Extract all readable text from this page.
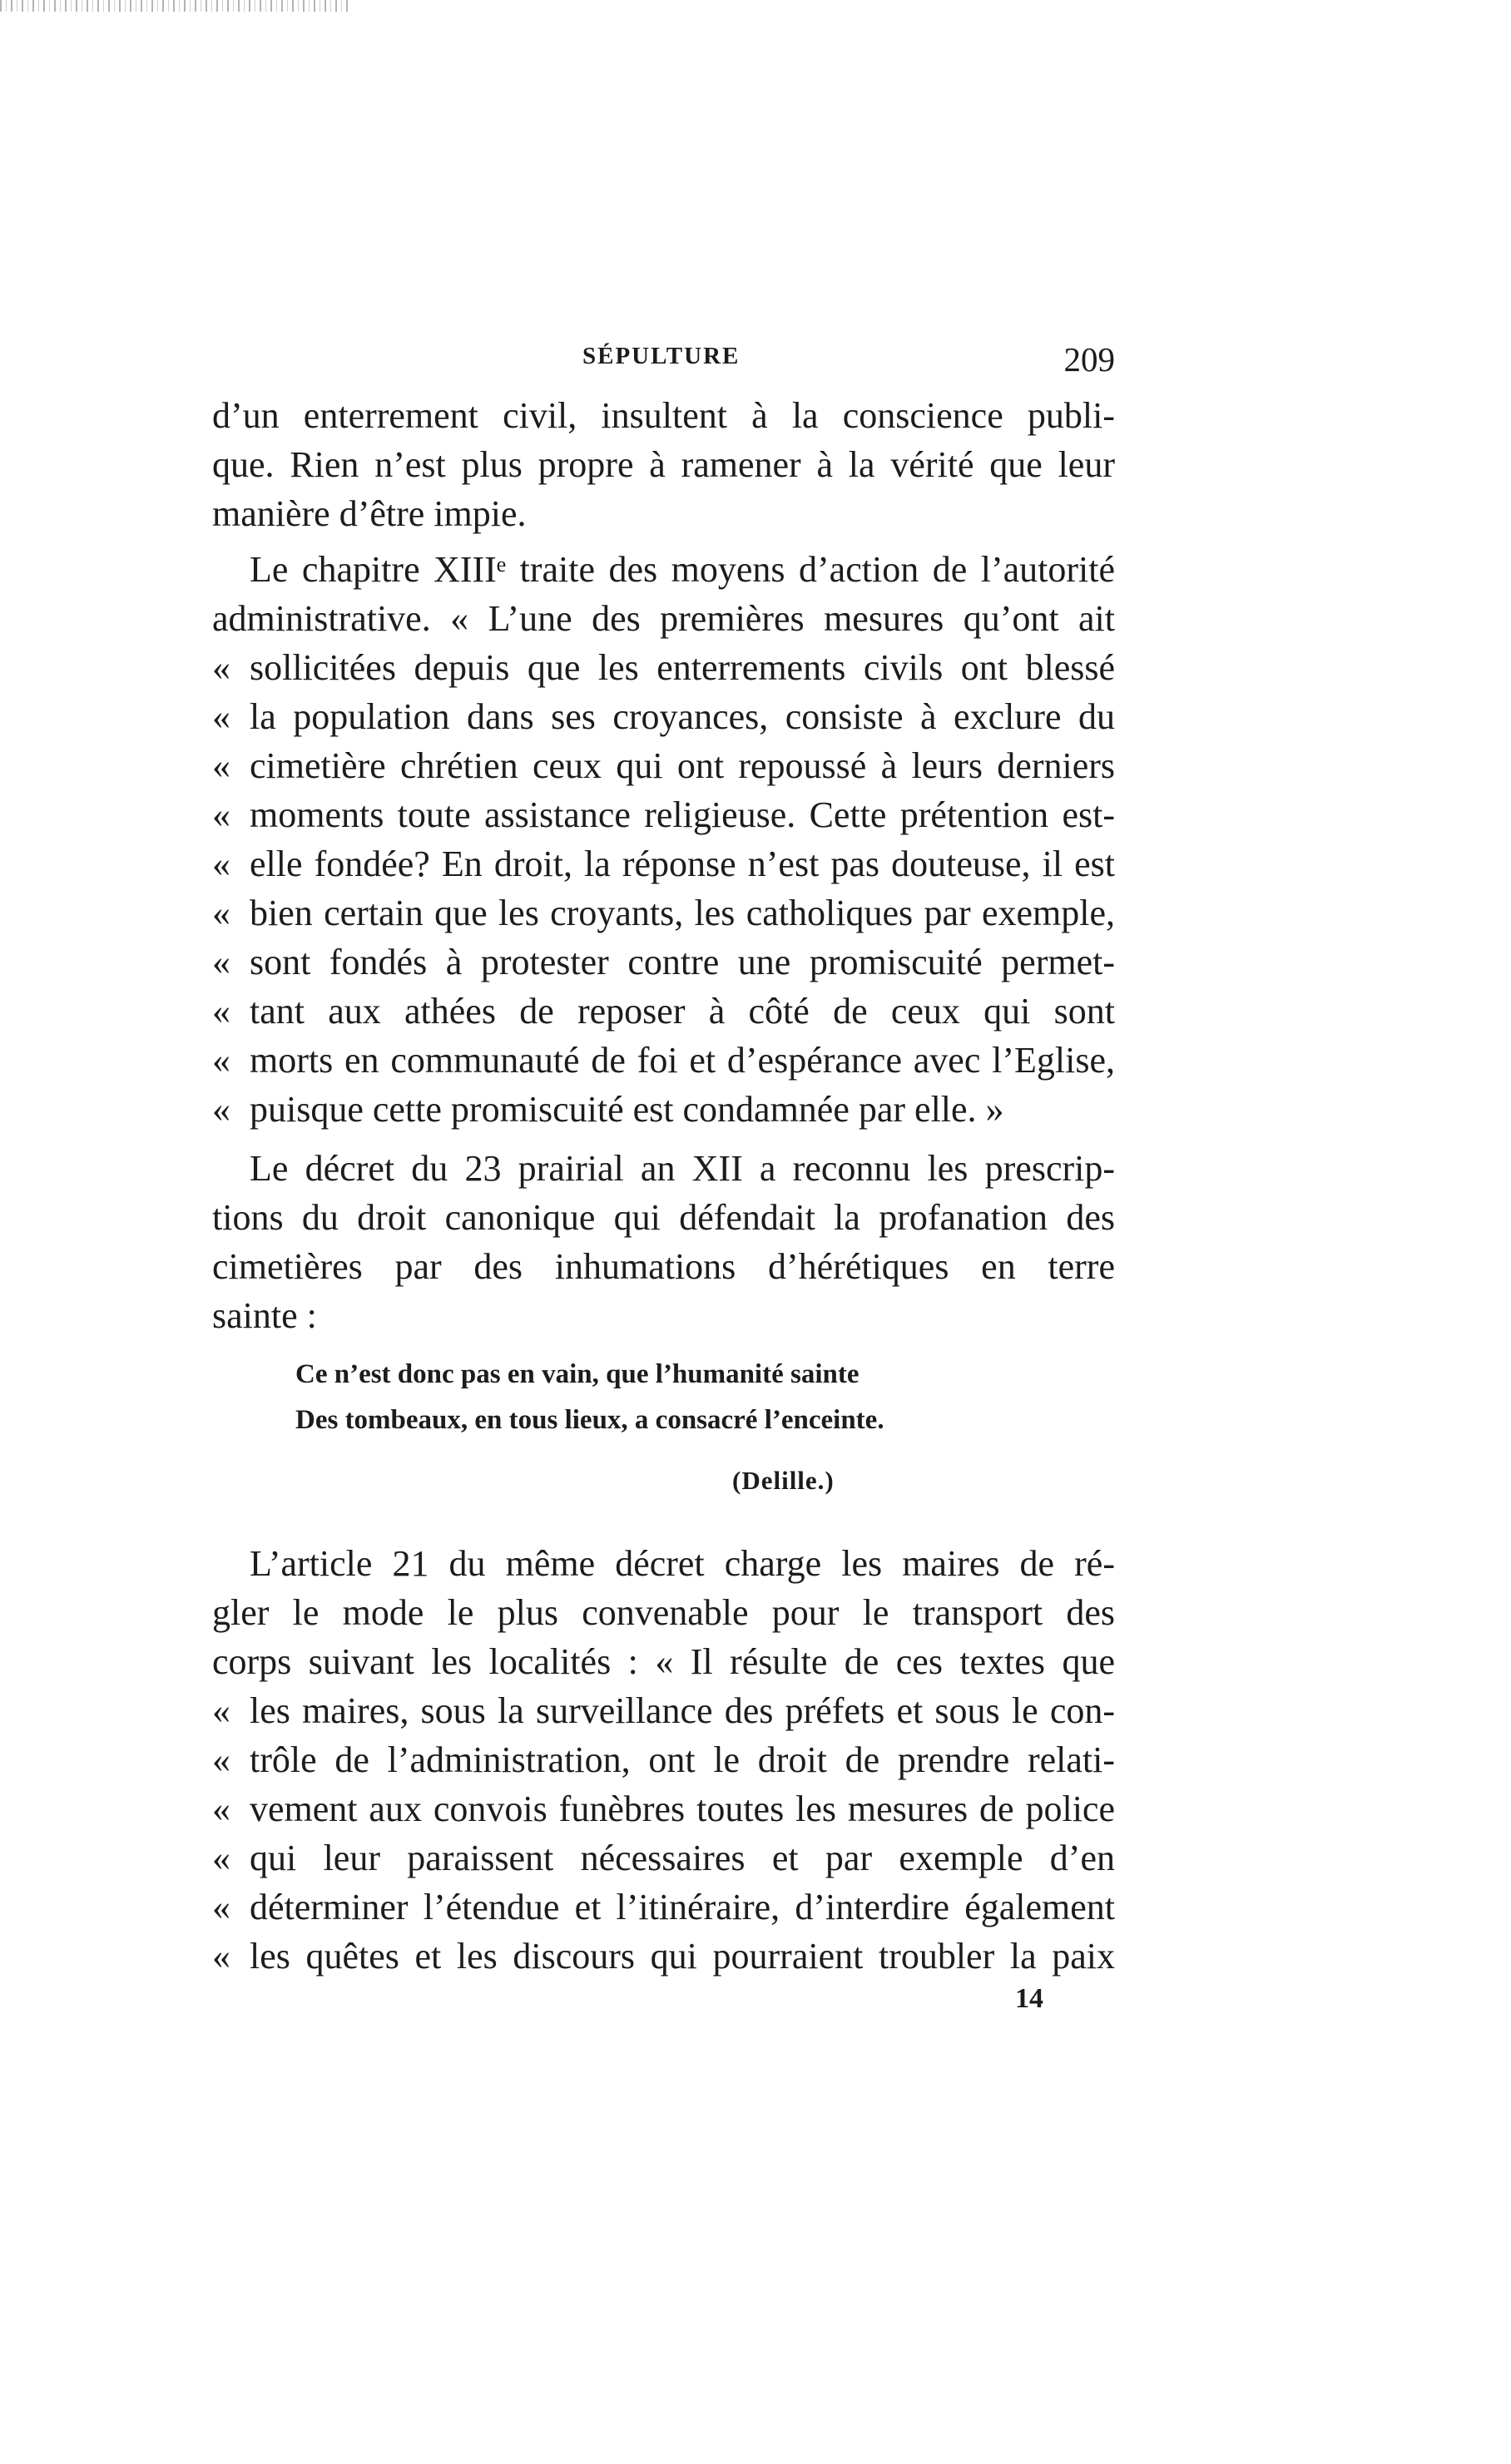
SÉPULTURE	209
d’un enterrement civil, insultent à la conscience publi-
que. Rien n’est plus propre à ramener à la vérité que leur
manière d’être impie.
Le chapitre XIIIᵉ traite des moyens d’action de l’autorité
administrative. « L’une des premières mesures qu’ont ait
« sollicitées depuis que les enterrements civils ont blessé
« la population dans ses croyances, consiste à exclure du
« cimetière chrétien ceux qui ont repoussé à leurs derniers
« moments toute assistance religieuse. Cette prétention est-
« elle fondée? En droit, la réponse n’est pas douteuse, il est
« bien certain que les croyants, les catholiques par exemple,
« sont fondés à protester contre une promiscuité permet-
« tant aux athées de reposer à côté de ceux qui sont
« morts en communauté de foi et d’espérance avec l’Eglise,
« puisque cette promiscuité est condamnée par elle. »
Le décret du 23 prairial an XII a reconnu les prescrip-
tions du droit canonique qui défendait la profanation des
cimetières par des inhumations d’hérétiques en terre
sainte :
Ce n’est donc pas en vain, que l’humanité sainte
Des tombeaux, en tous lieux, a consacré l’enceinte.
(Delille.)
L’article 21 du même décret charge les maires de ré-
gler le mode le plus convenable pour le transport des
corps suivant les localités : « Il résulte de ces textes que
« les maires, sous la surveillance des préfets et sous le con-
« trôle de l’administration, ont le droit de prendre relati-
« vement aux convois funèbres toutes les mesures de police
« qui leur paraissent nécessaires et par exemple d’en
« déterminer l’étendue et l’itinéraire, d’interdire également
« les quêtes et les discours qui pourraient troubler la paix
14
